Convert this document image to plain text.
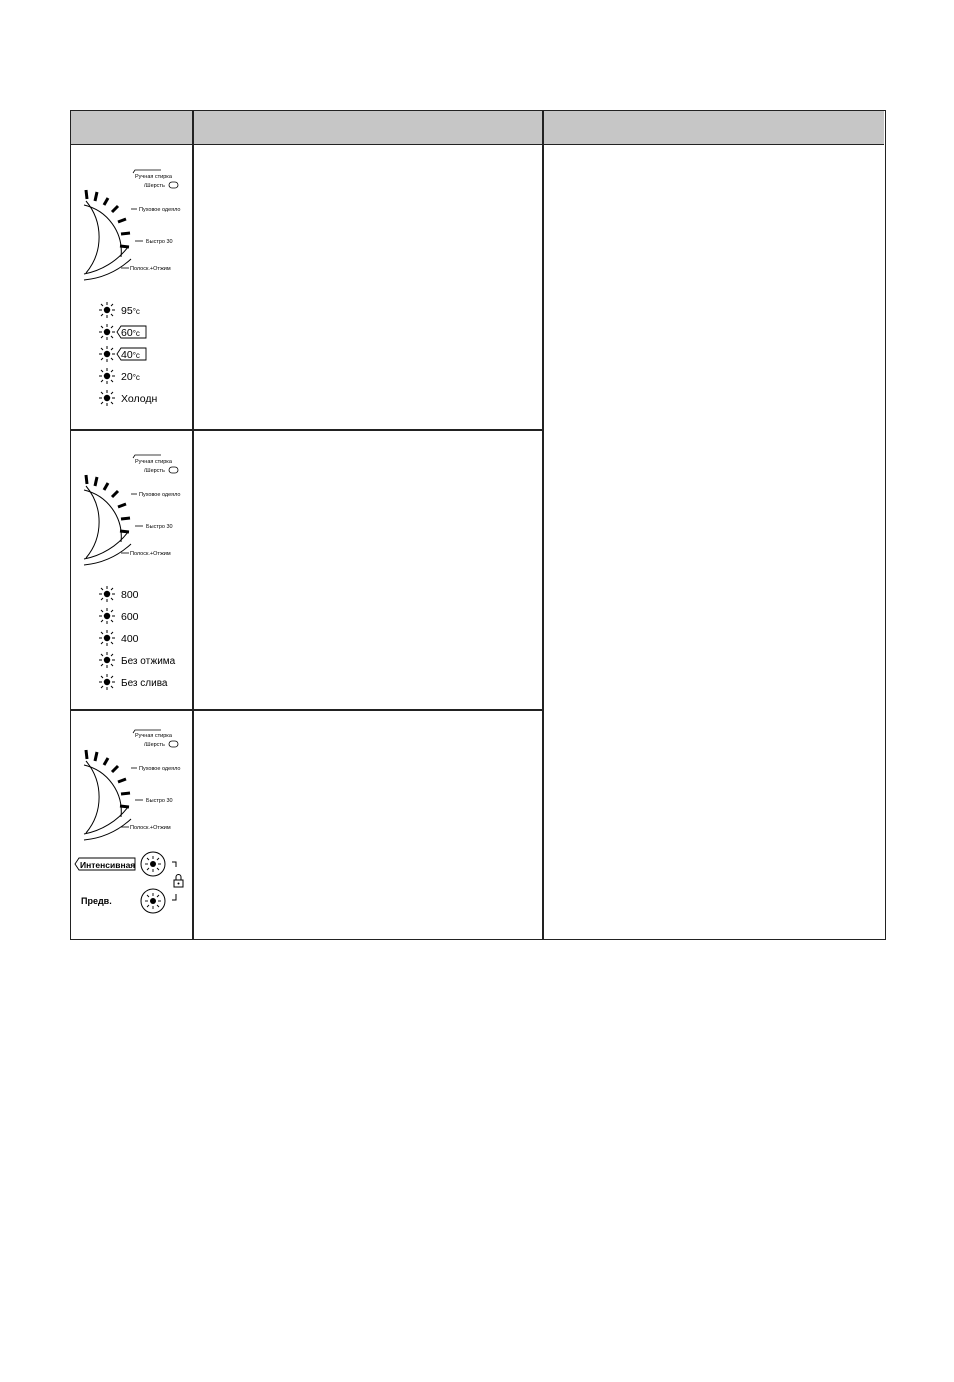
Ручная стирка
/Шерсть
Пуховое одеяло
Быстро 30
Полоск.+Отжим
95°c
60°c
40°c
20°c
Холодн
Ручная стирка
/Шерсть
Пуховое одеяло
Быстро 30
Полоск.+Отжим
800
600
400
Без отжима
Без слива
Ручная стирка
/Шерсть
Пуховое одеяло
Быстро 30
Полоск.+Отжим
Интенсивная
Предв.
